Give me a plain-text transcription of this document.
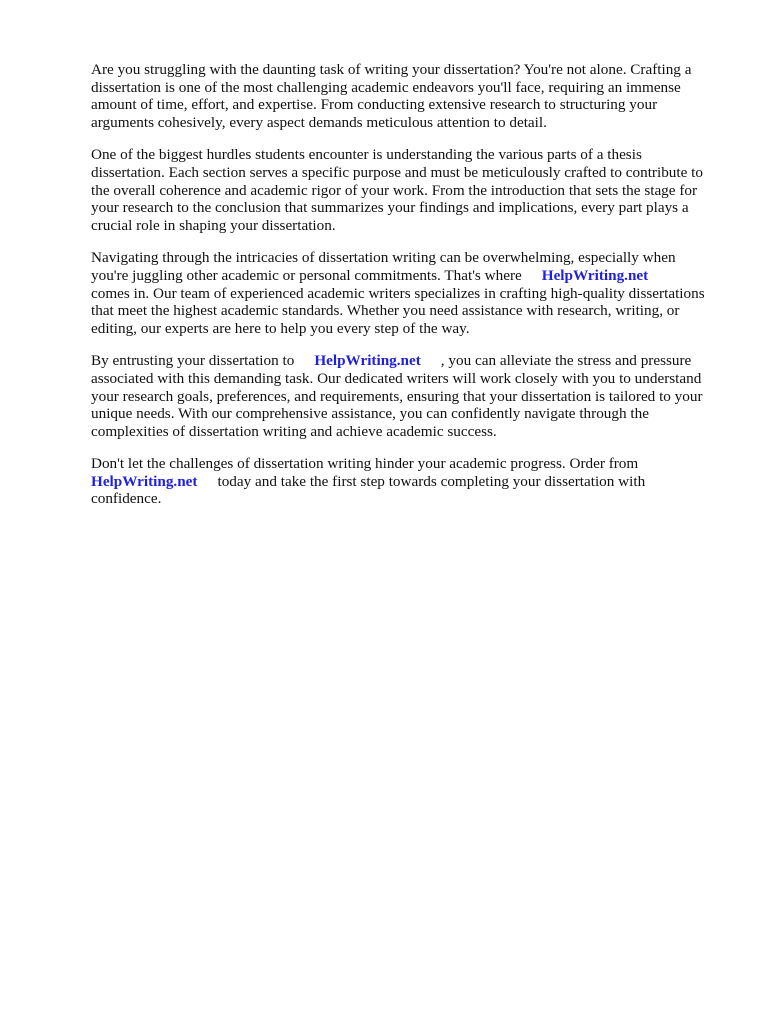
Are you struggling with the daunting task of writing your dissertation? You're not alone. Crafting a
dissertation is one of the most challenging academic endeavors you'll face, requiring an immense
amount of time, effort, and expertise. From conducting extensive research to structuring your
arguments cohesively, every aspect demands meticulous attention to detail.

One of the biggest hurdles students encounter is understanding the various parts of a thesis
dissertation. Each section serves a specific purpose and must be meticulously crafted to contribute to
the overall coherence and academic rigor of your work. From the introduction that sets the stage for
your research to the conclusion that summarizes your findings and implications, every part plays a
crucial role in shaping your dissertation.

Navigating through the intricacies of dissertation writing can be overwhelming, especially when
you're juggling other academic or personal commitments. That's where HelpWriting.net
comes in. Our team of experienced academic writers specializes in crafting high-quality dissertations
that meet the highest academic standards. Whether you need assistance with research, writing, or
editing, our experts are here to help you every step of the way.

By entrusting your dissertation to HelpWriting.net , you can alleviate the stress and pressure
associated with this demanding task. Our dedicated writers will work closely with you to understand
your research goals, preferences, and requirements, ensuring that your dissertation is tailored to your
unique needs. With our comprehensive assistance, you can confidently navigate through the
complexities of dissertation writing and achieve academic success.

Don't let the challenges of dissertation writing hinder your academic progress. Order from
HelpWriting.net today and take the first step towards completing your dissertation with
confidence.
